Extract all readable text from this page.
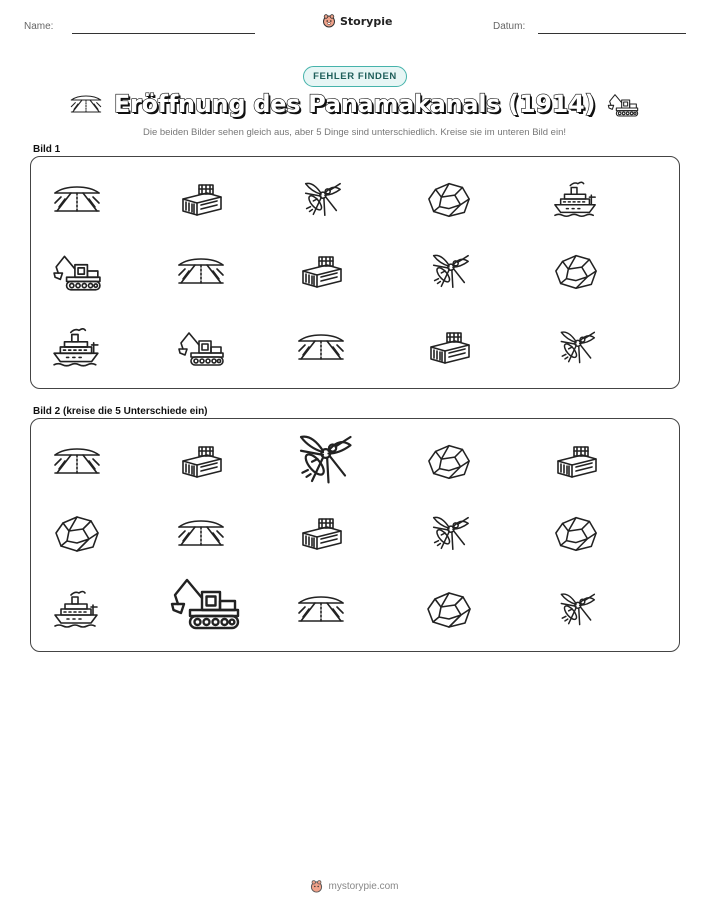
Name:	Storypie	Datum:
FEHLER FINDEN
Eröffnung des Panamakanals (1914)
Die beiden Bilder sehen gleich aus, aber 5 Dinge sind unterschiedlich. Kreise sie im unteren Bild ein!
Bild 1
Bild 2 (kreise die 5 Unterschiede ein)
mystorypie.com
